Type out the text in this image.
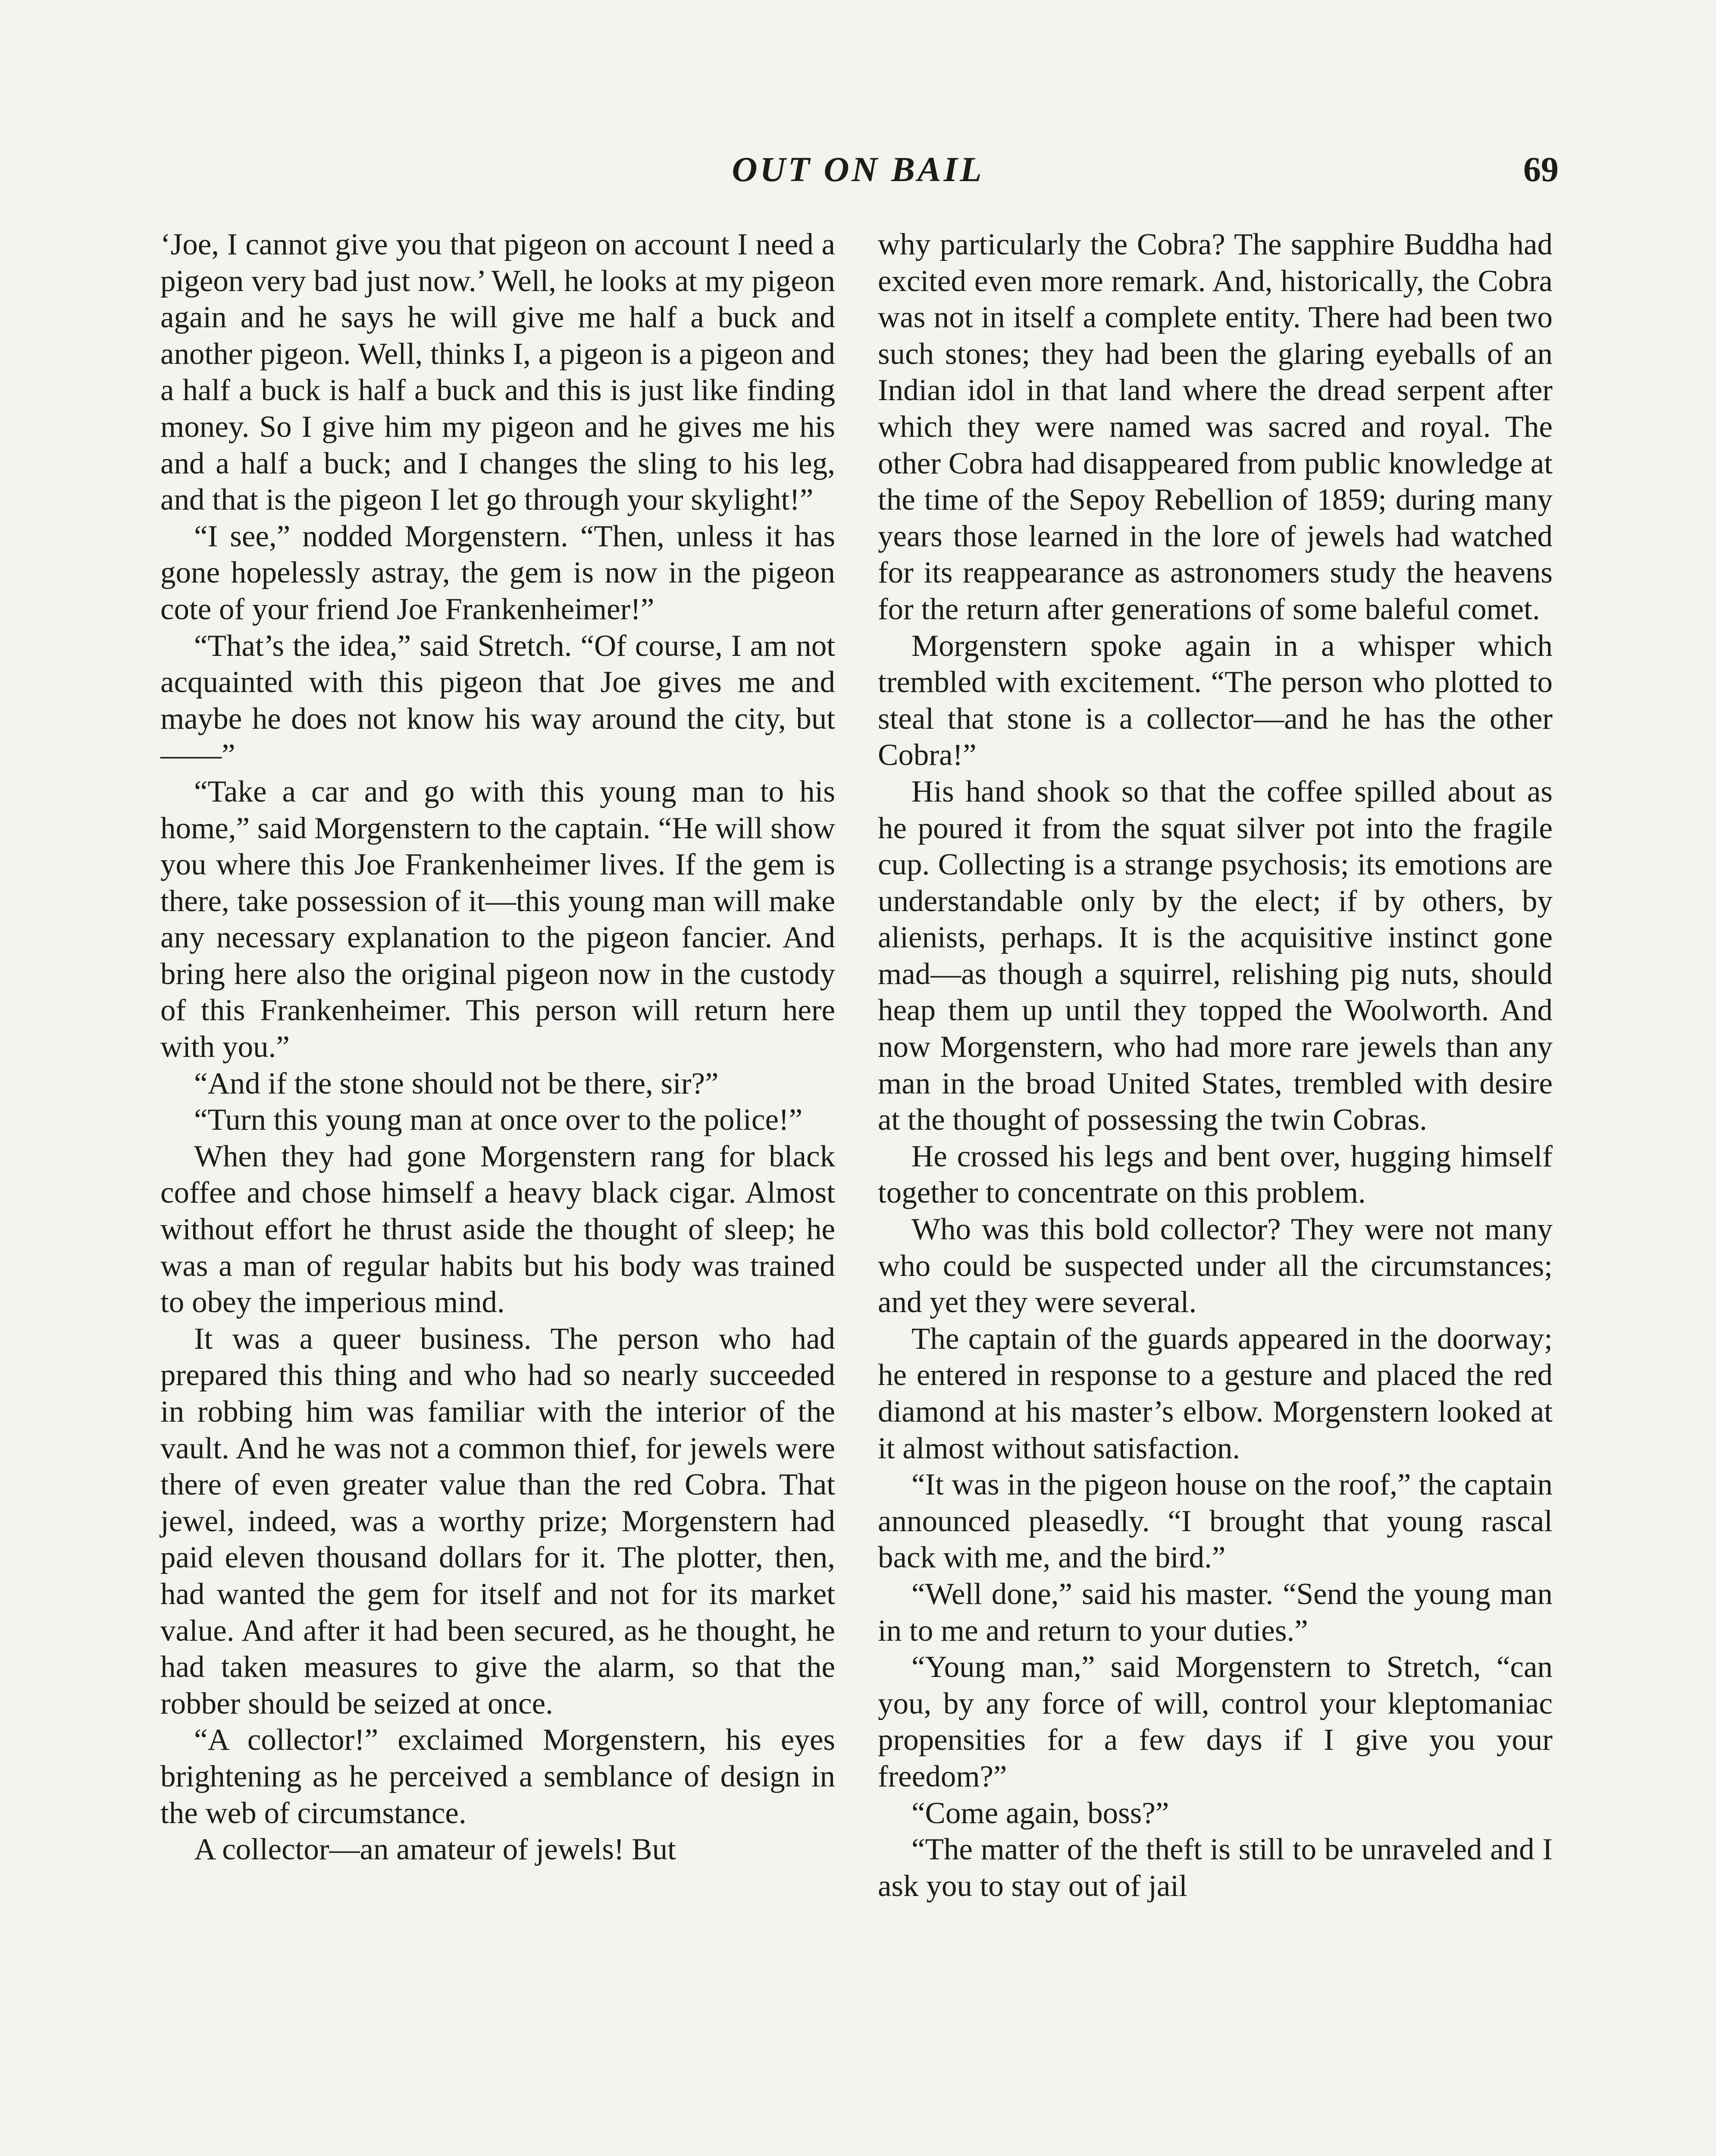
OUT ON BAIL	69

‘Joe, I cannot give you that pigeon on account I need a pigeon very bad just now.’ Well, he looks at my pigeon again and he says he will give me half a buck and another pigeon. Well, thinks I, a pigeon is a pigeon and a half a buck is half a buck and this is just like finding money. So I give him my pigeon and he gives me his and a half a buck; and I changes the sling to his leg, and that is the pigeon I let go through your skylight!”

“I see,” nodded Morgenstern. “Then, unless it has gone hopelessly astray, the gem is now in the pigeon cote of your friend Joe Frankenheimer!”

“That’s the idea,” said Stretch. “Of course, I am not acquainted with this pigeon that Joe gives me and maybe he does not know his way around the city, but——”

“Take a car and go with this young man to his home,” said Morgenstern to the captain. “He will show you where this Joe Frankenheimer lives. If the gem is there, take possession of it—this young man will make any necessary explanation to the pigeon fancier. And bring here also the original pigeon now in the custody of this Frankenheimer. This person will return here with you.”

“And if the stone should not be there, sir?”

“Turn this young man at once over to the police!”

When they had gone Morgenstern rang for black coffee and chose himself a heavy black cigar. Almost without effort he thrust aside the thought of sleep; he was a man of regular habits but his body was trained to obey the imperious mind.

It was a queer business. The person who had prepared this thing and who had so nearly succeeded in robbing him was familiar with the interior of the vault. And he was not a common thief, for jewels were there of even greater value than the red Cobra. That jewel, indeed, was a worthy prize; Morgenstern had paid eleven thousand dollars for it. The plotter, then, had wanted the gem for itself and not for its market value. And after it had been secured, as he thought, he had taken measures to give the alarm, so that the robber should be seized at once.

“A collector!” exclaimed Morgenstern, his eyes brightening as he perceived a semblance of design in the web of circumstance.

A collector—an amateur of jewels! But

why particularly the Cobra? The sapphire Buddha had excited even more remark. And, historically, the Cobra was not in itself a complete entity. There had been two such stones; they had been the glaring eyeballs of an Indian idol in that land where the dread serpent after which they were named was sacred and royal. The other Cobra had disappeared from public knowledge at the time of the Sepoy Rebellion of 1859; during many years those learned in the lore of jewels had watched for its reappearance as astronomers study the heavens for the return after generations of some baleful comet.

Morgenstern spoke again in a whisper which trembled with excitement. “The person who plotted to steal that stone is a collector—and he has the other Cobra!”

His hand shook so that the coffee spilled about as he poured it from the squat silver pot into the fragile cup. Collecting is a strange psychosis; its emotions are understandable only by the elect; if by others, by alienists, perhaps. It is the acquisitive instinct gone mad—as though a squirrel, relishing pig nuts, should heap them up until they topped the Woolworth. And now Morgenstern, who had more rare jewels than any man in the broad United States, trembled with desire at the thought of possessing the twin Cobras.

He crossed his legs and bent over, hugging himself together to concentrate on this problem.

Who was this bold collector? They were not many who could be suspected under all the circumstances; and yet they were several.

The captain of the guards appeared in the doorway; he entered in response to a gesture and placed the red diamond at his master’s elbow. Morgenstern looked at it almost without satisfaction.

“It was in the pigeon house on the roof,” the captain announced pleasedly. “I brought that young rascal back with me, and the bird.”

“Well done,” said his master. “Send the young man in to me and return to your duties.”

“Young man,” said Morgenstern to Stretch, “can you, by any force of will, control your kleptomaniac propensities for a few days if I give you your freedom?”

“Come again, boss?”

“The matter of the theft is still to be unraveled and I ask you to stay out of jail
